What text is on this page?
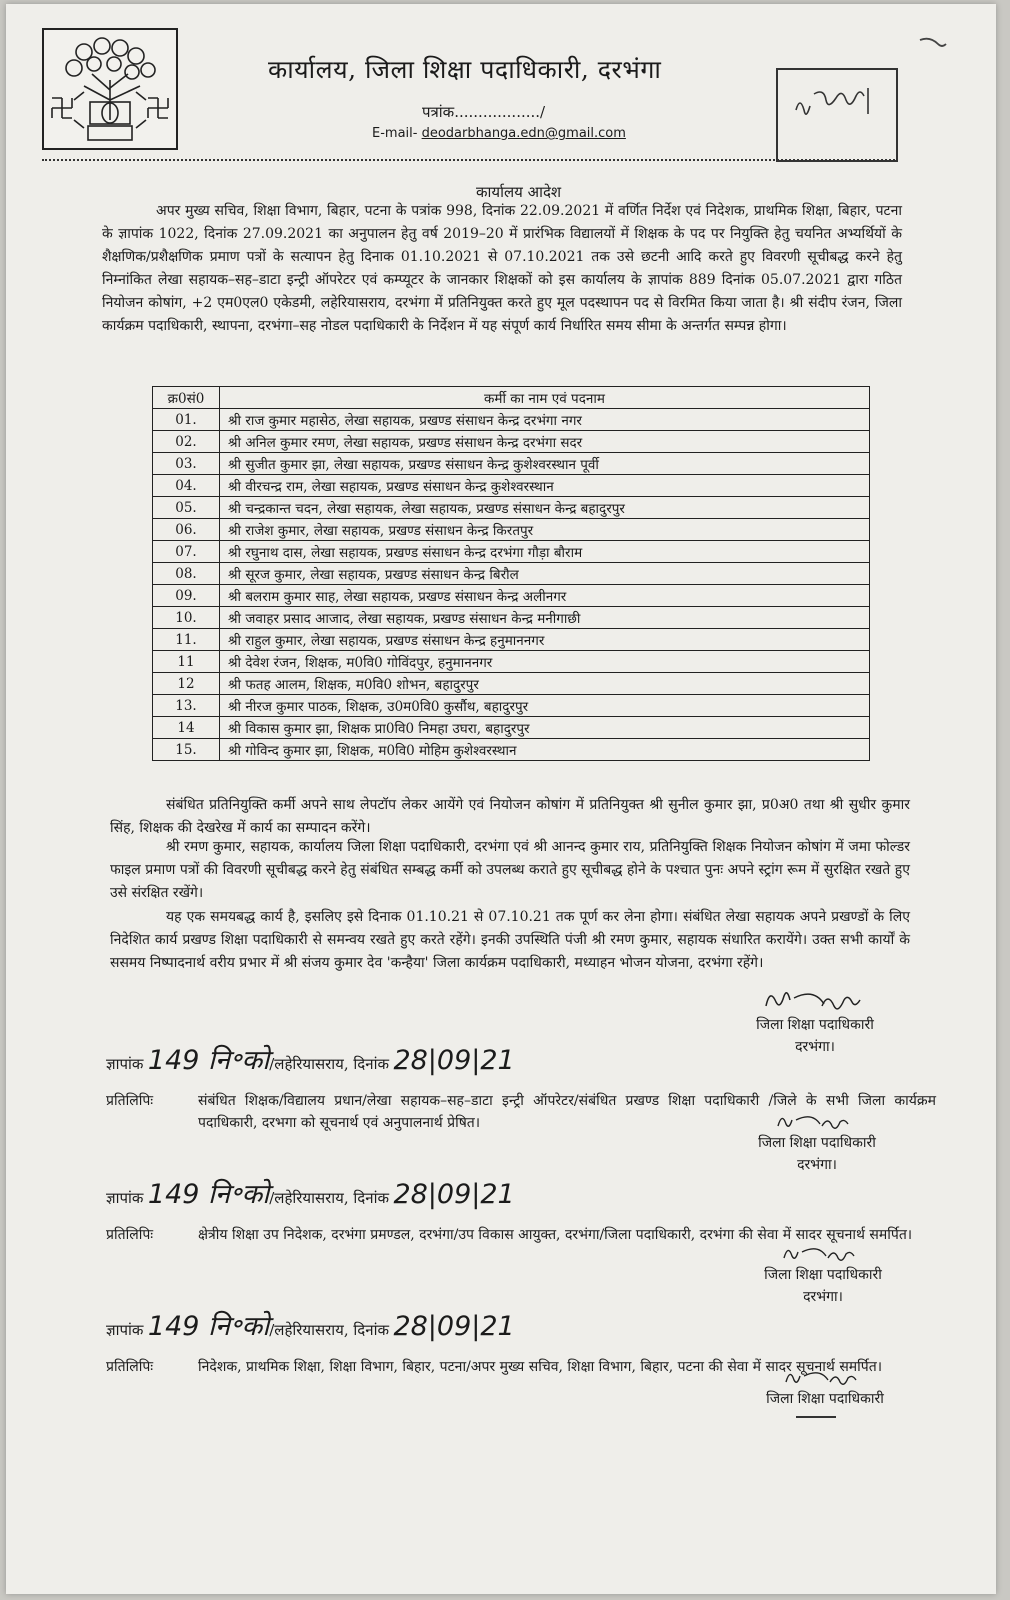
कार्यालय, जिला शिक्षा पदाधिकारी, दरभंगा
पत्रांक................../
E-mail- deodarbhanga.edn@gmail.com
कार्यालय आदेश
अपर मुख्य सचिव, शिक्षा विभाग, बिहार, पटना के पत्रांक 998, दिनांक 22.09.2021 में वर्णित निर्देश एवं निदेशक, प्राथमिक शिक्षा, बिहार, पटना के ज्ञापांक 1022, दिनांक 27.09.2021 का अनुपालन हेतु वर्ष 2019–20 में प्रारंभिक विद्यालयों में शिक्षक के पद पर नियुक्ति हेतु चयनित अभ्यर्थियों के शैक्षणिक/प्रशैक्षणिक प्रमाण पत्रों के सत्यापन हेतु दिनाक 01.10.2021 से 07.10.2021 तक उसे छटनी आदि करते हुए विवरणी सूचीबद्ध करने हेतु निम्नांकित लेखा सहायक–सह–डाटा इन्ट्री ऑपरेटर एवं कम्प्यूटर के जानकार शिक्षकों को इस कार्यालय के ज्ञापांक 889 दिनांक 05.07.2021 द्वारा गठित नियोजन कोषांग, +2 एम0एल0 एकेडमी, लहेरियासराय, दरभंगा में प्रतिनियुक्त करते हुए मूल पदस्थापन पद से विरमित किया जाता है। श्री संदीप रंजन, जिला कार्यक्रम पदाधिकारी, स्थापना, दरभंगा–सह नोडल पदाधिकारी के निर्देशन में यह संपूर्ण कार्य निर्धारित समय सीमा के अन्तर्गत सम्पन्न होगा।
क्र0सं0	कर्मी का नाम एवं पदनाम
01.	श्री राज कुमार महासेठ, लेखा सहायक, प्रखण्ड संसाधन केन्द्र दरभंगा नगर
02.	श्री अनिल कुमार रमण, लेखा सहायक, प्रखण्ड संसाधन केन्द्र दरभंगा सदर
03.	श्री सुजीत कुमार झा, लेखा सहायक, प्रखण्ड संसाधन केन्द्र कुशेश्वरस्थान पूर्वी
04.	श्री वीरचन्द्र राम, लेखा सहायक, प्रखण्ड संसाधन केन्द्र कुशेश्वरस्थान
05.	श्री चन्द्रकान्त चदन, लेखा सहायक, लेखा सहायक, प्रखण्ड संसाधन केन्द्र बहादुरपुर
06.	श्री राजेश कुमार, लेखा सहायक, प्रखण्ड संसाधन केन्द्र किरतपुर
07.	श्री रघुनाथ दास, लेखा सहायक, प्रखण्ड संसाधन केन्द्र दरभंगा गौड़ा बौराम
08.	श्री सूरज कुमार, लेखा सहायक, प्रखण्ड संसाधन केन्द्र बिरौल
09.	श्री बलराम कुमार साह, लेखा सहायक, प्रखण्ड संसाधन केन्द्र अलीनगर
10.	श्री जवाहर प्रसाद आजाद, लेखा सहायक, प्रखण्ड संसाधन केन्द्र मनीगाछी
11.	श्री राहुल कुमार, लेखा सहायक, प्रखण्ड संसाधन केन्द्र हनुमाननगर
11	श्री देवेश रंजन, शिक्षक, म0वि0 गोविंदपुर, हनुमाननगर
12	श्री फतह आलम, शिक्षक, म0वि0 शोभन, बहादुरपुर
13.	श्री नीरज कुमार पाठक, शिक्षक, उ0म0वि0 कुर्सौथ, बहादुरपुर
14	श्री विकास कुमार झा, शिक्षक प्रा0वि0 निमहा उघरा, बहादुरपुर
15.	श्री गोविन्द कुमार झा, शिक्षक, म0वि0 मोहिम कुशेश्वरस्थान
संबंधित प्रतिनियुक्ति कर्मी अपने साथ लेपटॉप लेकर आयेंगे एवं नियोजन कोषांग में प्रतिनियुक्त श्री सुनील कुमार झा, प्र0अ0 तथा श्री सुधीर कुमार सिंह, शिक्षक की देखरेख में कार्य का सम्पादन करेंगे।
श्री रमण कुमार, सहायक, कार्यालय जिला शिक्षा पदाधिकारी, दरभंगा एवं श्री आनन्द कुमार राय, प्रतिनियुक्ति शिक्षक नियोजन कोषांग में जमा फोल्डर फाइल प्रमाण पत्रों की विवरणी सूचीबद्ध करने हेतु संबंधित सम्बद्ध कर्मी को उपलब्ध कराते हुए सूचीबद्ध होने के पश्चात पुनः अपने स्ट्रांग रूम में सुरक्षित रखते हुए उसे संरक्षित रखेंगे।
यह एक समयबद्ध कार्य है, इसलिए इसे दिनाक 01.10.21 से 07.10.21 तक पूर्ण कर लेना होगा। संबंधित लेखा सहायक अपने प्रखण्डों के लिए निदेशित कार्य प्रखण्ड शिक्षा पदाधिकारी से समन्वय रखते हुए करते रहेंगे। इनकी उपस्थिति पंजी श्री रमण कुमार, सहायक संधारित करायेंगे। उक्त सभी कार्यों के ससमय निष्पादनार्थ वरीय प्रभार में श्री संजय कुमार देव 'कन्हैया' जिला कार्यक्रम पदाधिकारी, मध्याहन भोजन योजना, दरभंगा रहेंगे।
जिला शिक्षा पदाधिकारी
दरभंगा।
ज्ञापांक 149 नि॰को/लहेरियासराय, दिनांक 28|09|21
प्रतिलिपिः	संबंधित शिक्षक/विद्यालय प्रधान/लेखा सहायक–सह–डाटा इन्ट्री ऑपरेटर/संबंधित प्रखण्ड शिक्षा पदाधिकारी /जिले के सभी जिला कार्यक्रम पदाधिकारी, दरभगा को सूचनार्थ एवं अनुपालनार्थ प्रेषित।
जिला शिक्षा पदाधिकारी
दरभंगा।
ज्ञापांक 149 नि॰को/लहेरियासराय, दिनांक 28|09|21
प्रतिलिपिः	क्षेत्रीय शिक्षा उप निदेशक, दरभंगा प्रमण्डल, दरभंगा/उप विकास आयुक्त, दरभंगा/जिला पदाधिकारी, दरभंगा की सेवा में सादर सूचनार्थ समर्पित।
जिला शिक्षा पदाधिकारी
दरभंगा।
ज्ञापांक 149 नि॰को/लहेरियासराय, दिनांक 28|09|21
प्रतिलिपिः	निदेशक, प्राथमिक शिक्षा, शिक्षा विभाग, बिहार, पटना/अपर मुख्य सचिव, शिक्षा विभाग, बिहार, पटना की सेवा में सादर सूचनार्थ समर्पित।
जिला शिक्षा पदाधिकारी
